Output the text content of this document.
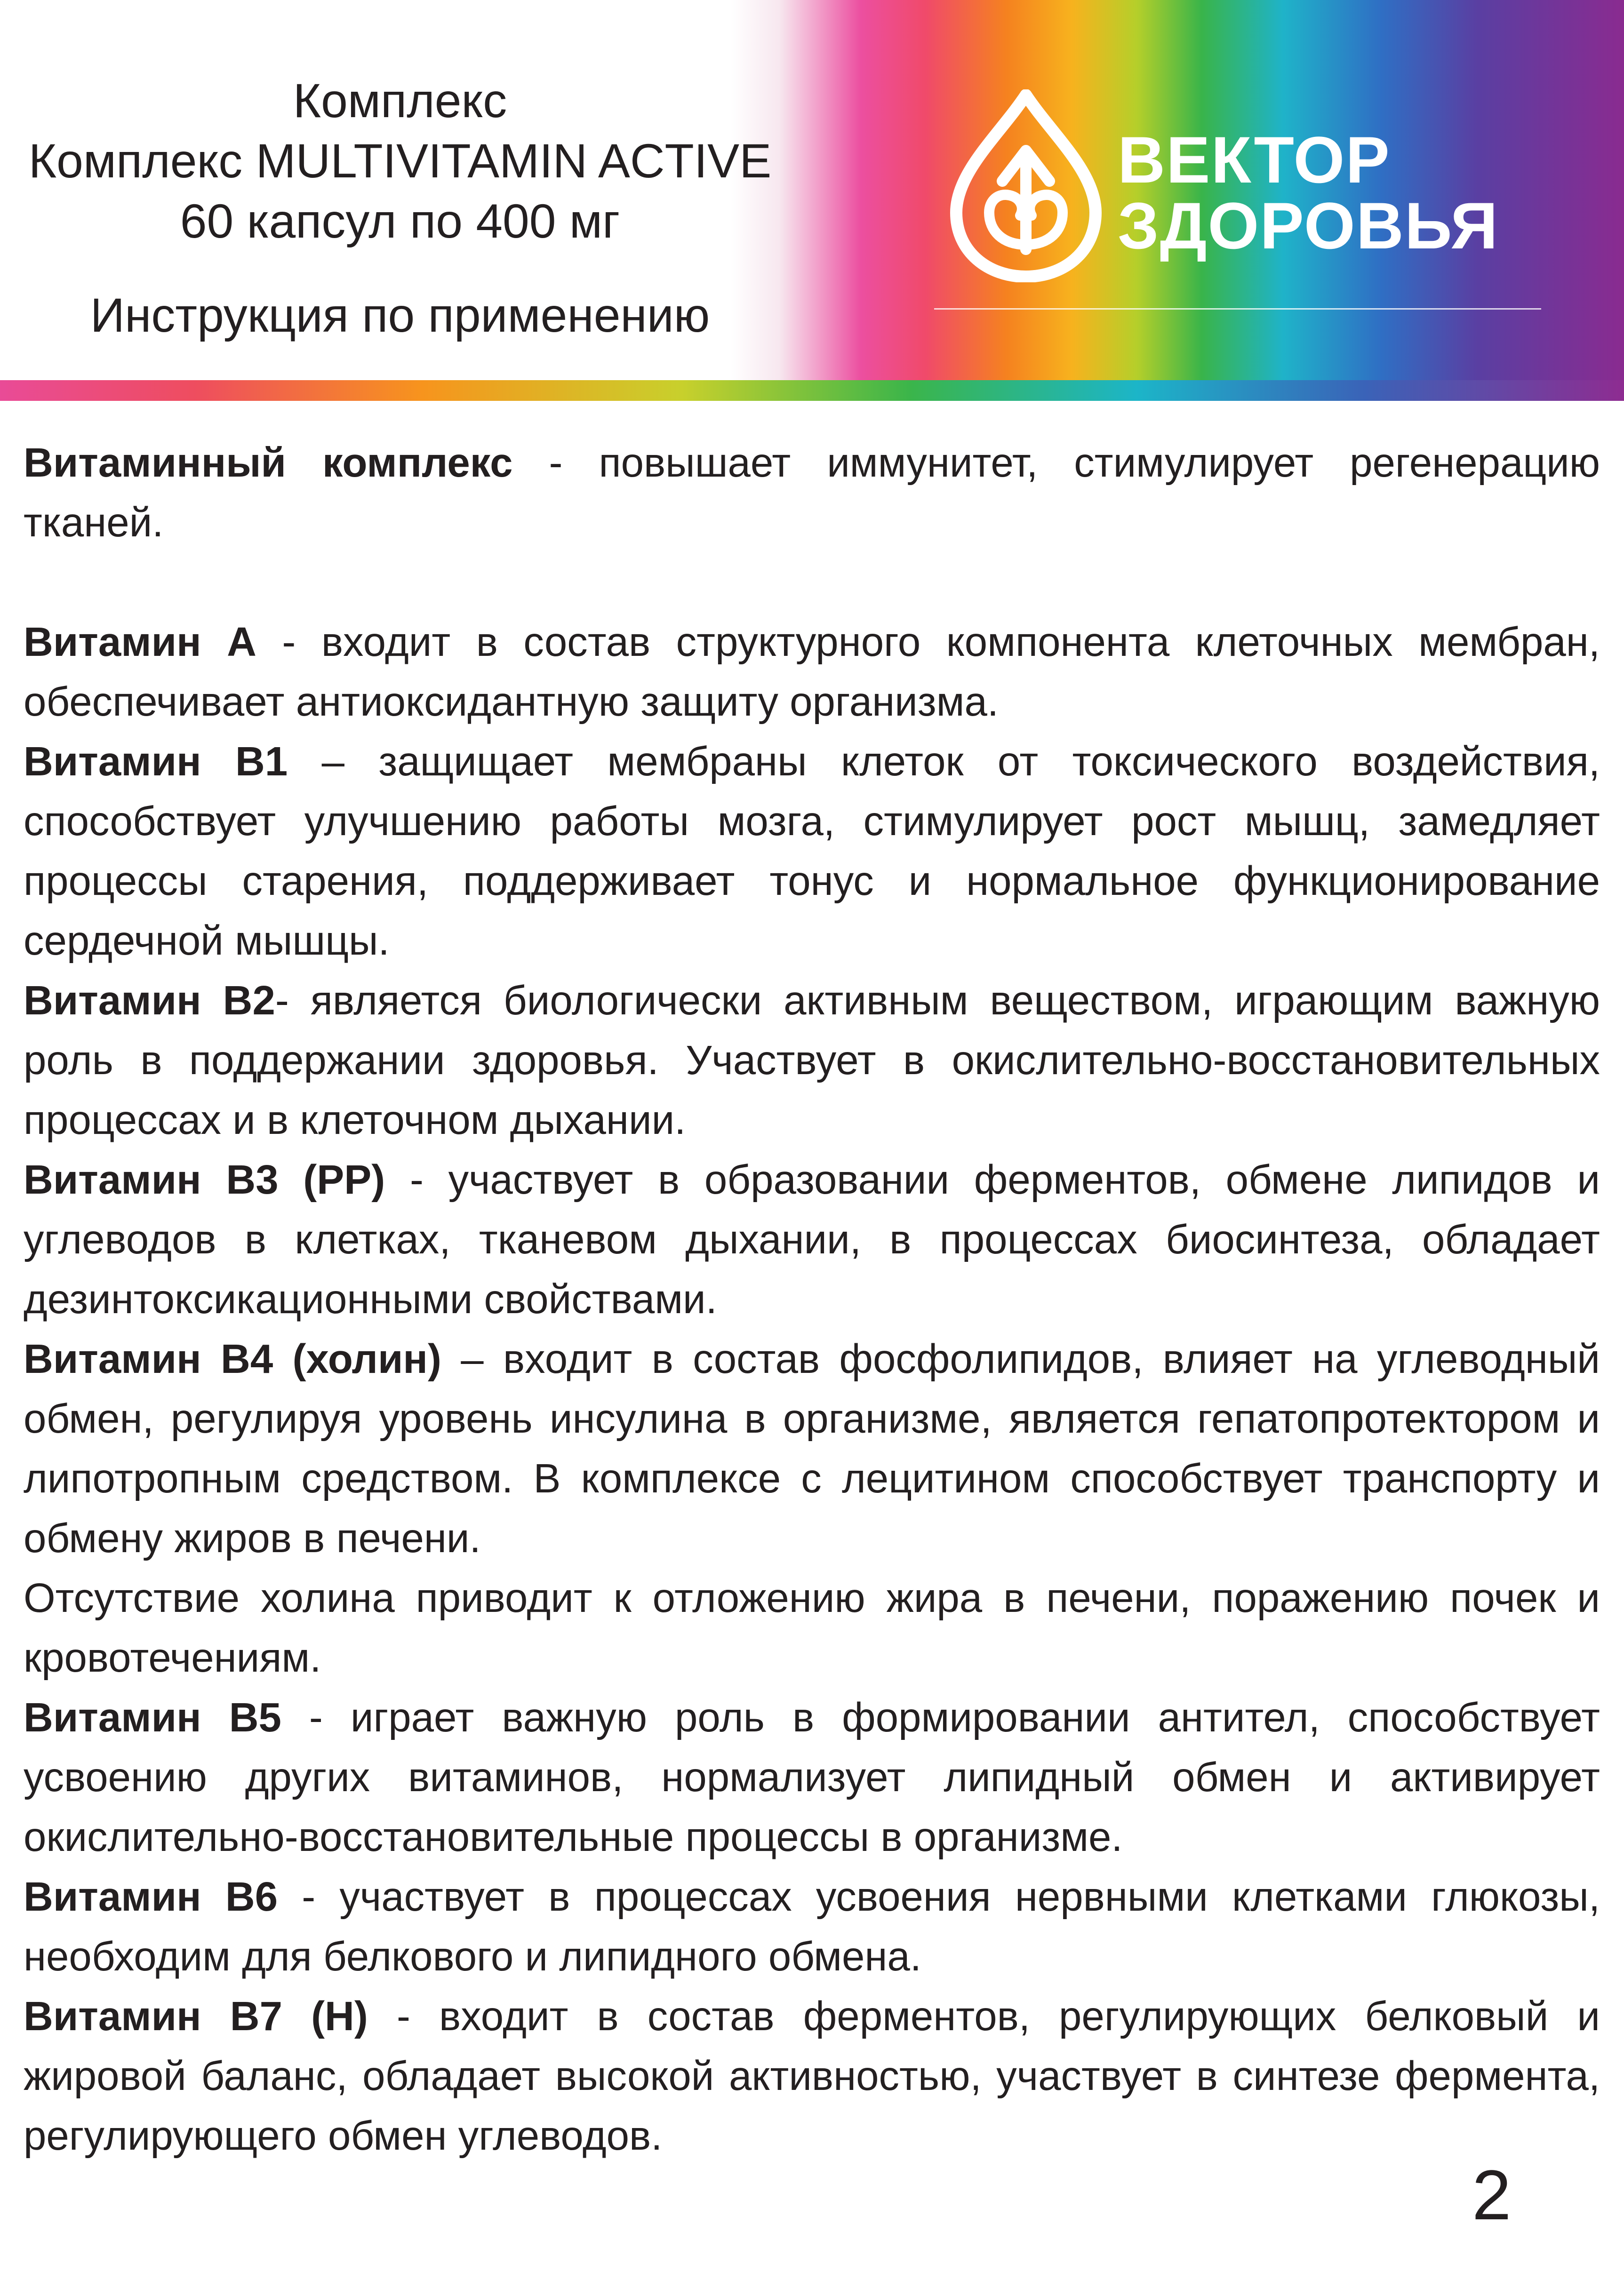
Комплекс
Комплекс MULTIVITAMIN ACTIVE
60 капсул по 400 мг
Инструкция по применению
ВЕКТОР
ЗДОРОВЬЯ

Витаминный комплекс - повышает иммунитет, стимулирует регенерацию тканей.

Витамин А - входит в состав структурного компонента клеточных мембран, обеспечивает антиоксидантную защиту организма.

Витамин В1 – защищает мембраны клеток от токсического воздействия, способствует улучшению работы мозга, стимулирует рост мышц, замедляет процессы старения, поддерживает тонус и нормальное функционирование сердечной мышцы.

Витамин В2- является биологически активным веществом, играющим важную роль в поддержании здоровья. Участвует в окислительно-восстановительных процессах и в клеточном дыхании.

Витамин В3 (РР) - участвует в образовании ферментов, обмене липидов и углеводов в клетках, тканевом дыхании, в процессах биосинтеза, обладает дезинтоксикационными свойствами.

Витамин В4 (холин) – входит в состав фосфолипидов, влияет на углеводный обмен, регулируя уровень инсулина в организме, является гепатопротектором и липотропным средством. В комплексе с лецитином способствует транспорту и обмену жиров в печени.

Отсутствие холина приводит к отложению жира в печени, поражению почек и кровотечениям.

Витамин В5 - играет важную роль в формировании антител, способствует усвоению других витаминов, нормализует липидный обмен и активирует окислительно-восстановительные процессы в организме.

Витамин В6 - участвует в процессах усвоения нервными клетками глюкозы, необходим для белкового и липидного обмена.

Витамин В7 (Н) - входит в состав ферментов, регулирующих белковый и жировой баланс, обладает высокой активностью, участвует в синтезе фермента, регулирующего обмен углеводов.

2
